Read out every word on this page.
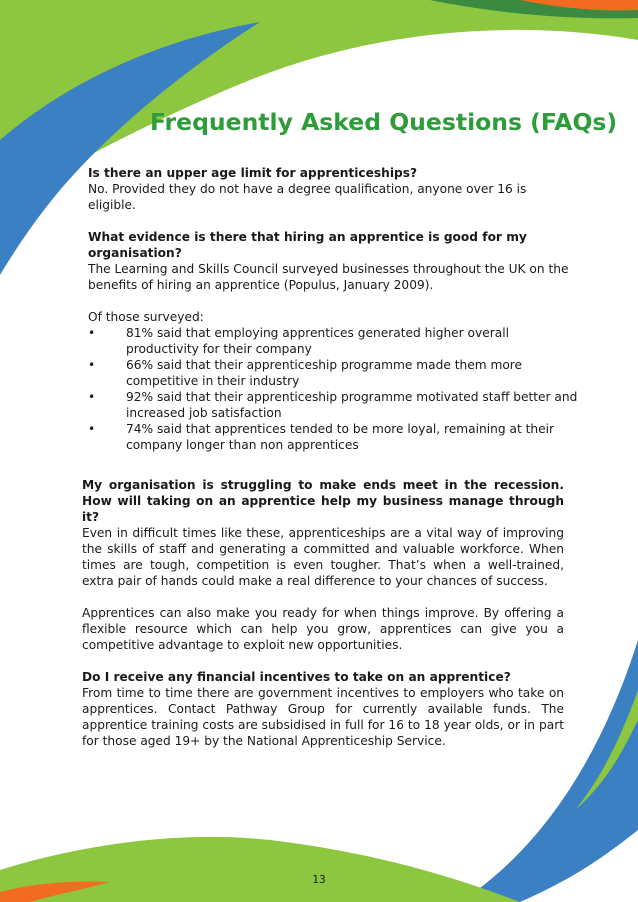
Frequently Asked Questions (FAQs)

Is there an upper age limit for apprenticeships?

No. Provided they do not have a degree qualification, anyone over 16 is eligible.

What evidence is there that hiring an apprentice is good for my organisation?

The Learning and Skills Council surveyed businesses throughout the UK on the benefits of hiring an apprentice (Populus, January 2009).

Of those surveyed:

•	81% said that employing apprentices generated higher overall productivity for their company
•	66% said that their apprenticeship programme made them more competitive in their industry
•	92% said that their apprenticeship programme motivated staff better and increased job satisfaction
•	74% said that apprentices tended to be more loyal, remaining at their company longer than non apprentices

My organisation is struggling to make ends meet in the recession. How will taking on an apprentice help my business manage through it?

Even in difficult times like these, apprenticeships are a vital way of improving the skills of staff and generating a committed and valuable workforce. When times are tough, competition is even tougher. That’s when a well-trained, extra pair of hands could make a real difference to your chances of success.

Apprentices can also make you ready for when things improve. By offering a flexible resource which can help you grow, apprentices can give you a competitive advantage to exploit new opportunities.

Do I receive any financial incentives to take on an apprentice?

From time to time there are government incentives to employers who take on apprentices. Contact Pathway Group for currently available funds. The apprentice training costs are subsidised in full for 16 to 18 year olds, or in part for those aged 19+ by the National Apprenticeship Service.

13
